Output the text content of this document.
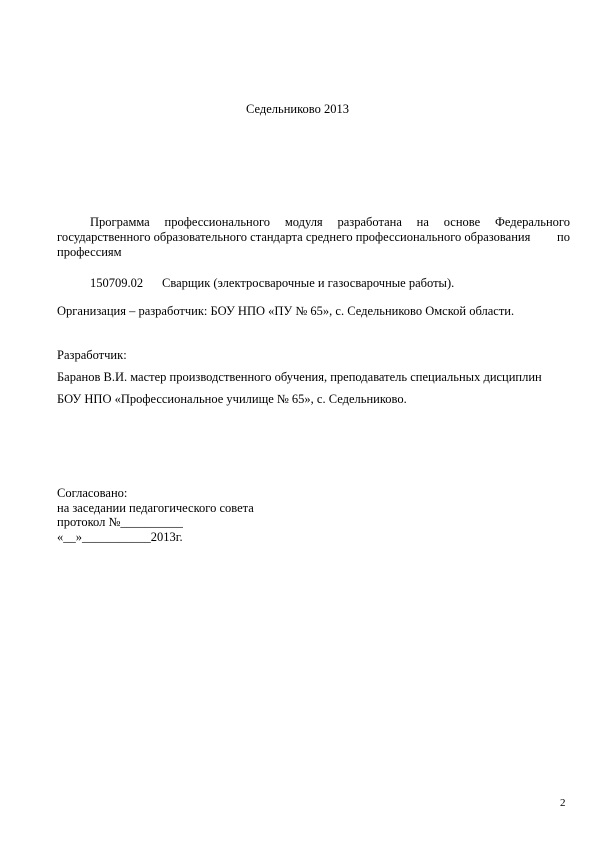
Седельниково 2013
Программа профессионального модуля разработана на основе Федерального
государственного образовательного стандарта среднего профессионального образования по
профессиям
150709.02 Сварщик (электросварочные и газосварочные работы).
Организация – разработчик: БОУ НПО «ПУ № 65», с. Седельниково Омской области.
Разработчик:
Баранов В.И. мастер производственного обучения, преподаватель специальных дисциплин
БОУ НПО «Профессиональное училище № 65», с. Седельниково.
Согласовано:
на заседании педагогического совета
протокол №__________
«__»___________2013г.
2
